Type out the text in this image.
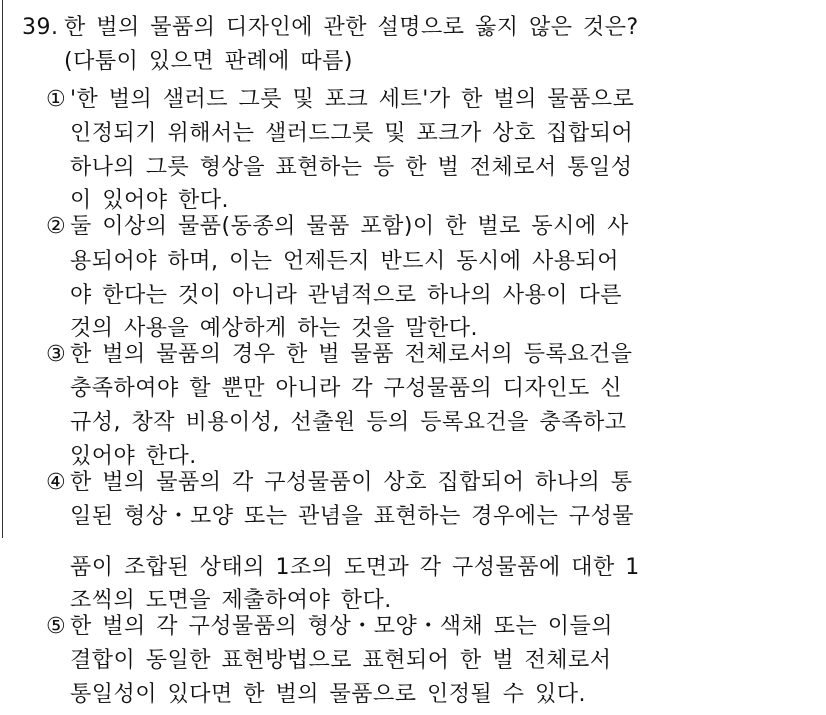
39. 한 벌의 물품의 디자인에 관한 설명으로 옳지 않은 것은?
(다툼이 있으면 판례에 따름)
① '한 벌의 샐러드 그릇 및 포크 세트'가 한 벌의 물품으로
인정되기 위해서는 샐러드그릇 및 포크가 상호 집합되어
하나의 그릇 형상을 표현하는 등 한 벌 전체로서 통일성
이 있어야 한다.
② 둘 이상의 물품(동종의 물품 포함)이 한 벌로 동시에 사
용되어야 하며, 이는 언제든지 반드시 동시에 사용되어
야 한다는 것이 아니라 관념적으로 하나의 사용이 다른
것의 사용을 예상하게 하는 것을 말한다.
③ 한 벌의 물품의 경우 한 벌 물품 전체로서의 등록요건을
충족하여야 할 뿐만 아니라 각 구성물품의 디자인도 신
규성, 창작 비용이성, 선출원 등의 등록요건을 충족하고
있어야 한다.
④ 한 벌의 물품의 각 구성물품이 상호 집합되어 하나의 통
일된 형상・모양 또는 관념을 표현하는 경우에는 구성물
품이 조합된 상태의 1조의 도면과 각 구성물품에 대한 1
조씩의 도면을 제출하여야 한다.
⑤ 한 벌의 각 구성물품의 형상・모양・색채 또는 이들의
결합이 동일한 표현방법으로 표현되어 한 벌 전체로서
통일성이 있다면 한 벌의 물품으로 인정될 수 있다.
